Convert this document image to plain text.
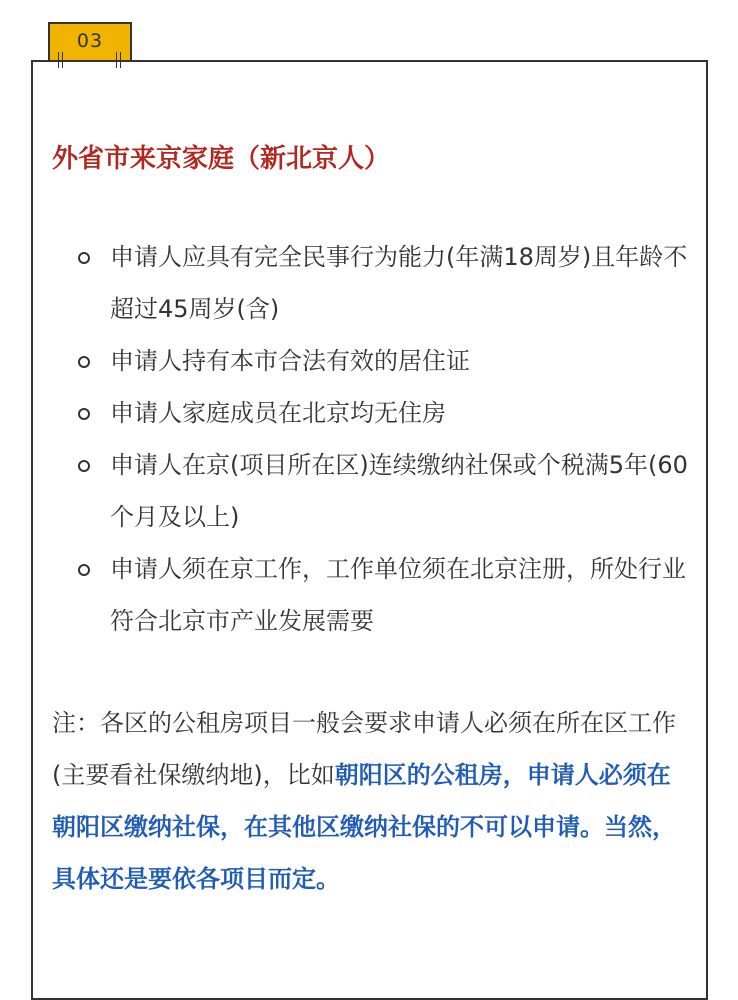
03
外省市来京家庭（新北京人）
申请人应具有完全民事行为能力(年满18周岁)且年龄不超过45周岁(含)
申请人持有本市合法有效的居住证
申请人家庭成员在北京均无住房
申请人在京(项目所在区)连续缴纳社保或个税满5年(60个月及以上)
申请人须在京工作，工作单位须在北京注册，所处行业符合北京市产业发展需要

注：各区的公租房项目一般会要求申请人必须在所在区工作(主要看社保缴纳地)，比如朝阳区的公租房，申请人必须在朝阳区缴纳社保，在其他区缴纳社保的不可以申请。当然，具体还是要依各项目而定。
